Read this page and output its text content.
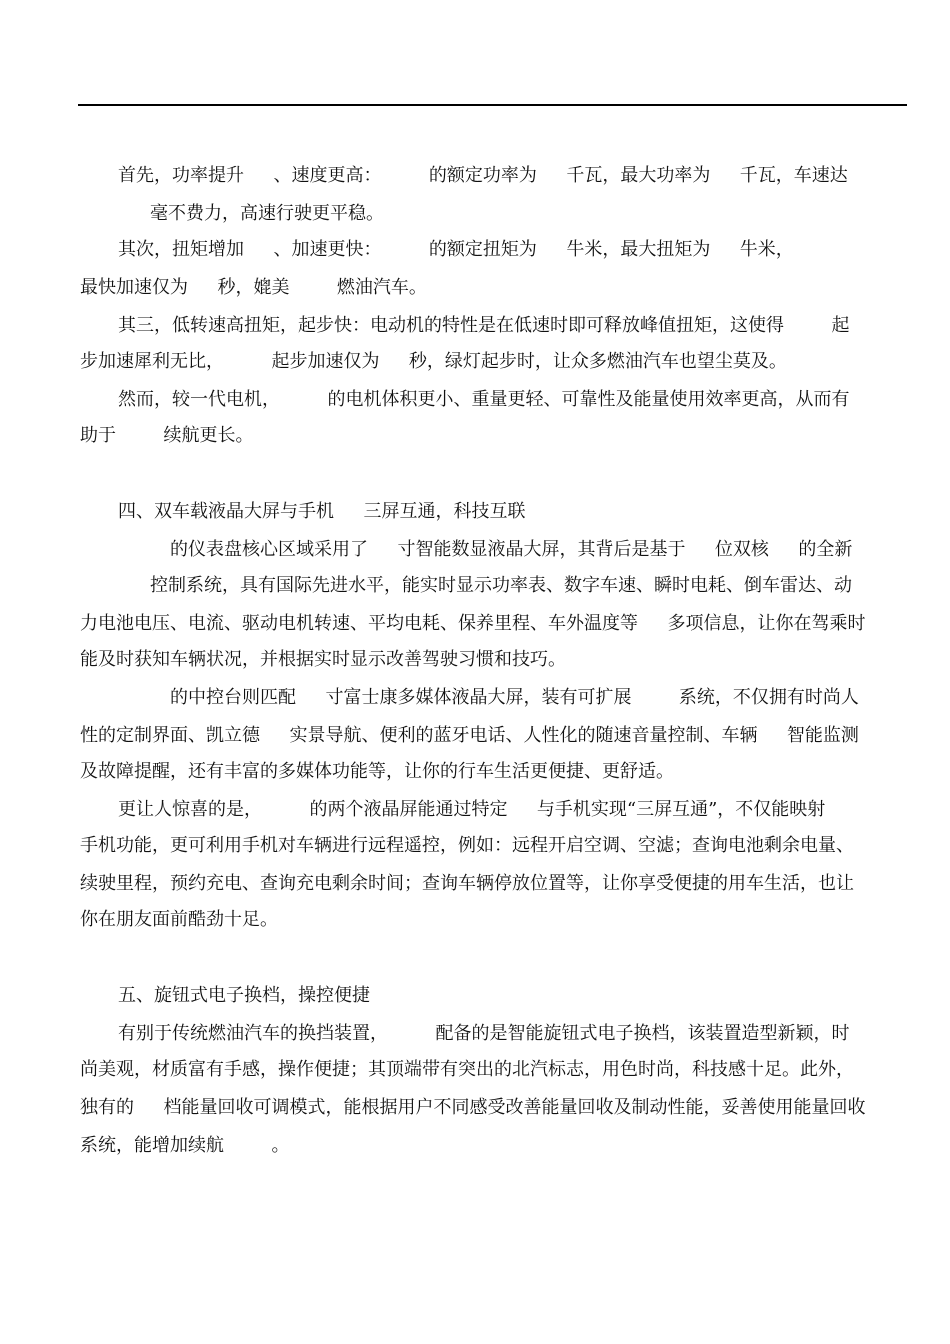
首先，功率提升 　 、速度更高： 　　 的额定功率为 　 千瓦，最大功率为 　 千瓦，车速达
毫不费力，高速行驶更平稳。
其次，扭矩增加 　 、加速更快： 　　 的额定扭矩为 　 牛米，最大扭矩为 　 牛米，
最快加速仅为 　 秒，媲美 　　 燃油汽车。
其三，低转速高扭矩，起步快：电动机的特性是在低速时即可释放峰值扭矩，这使得 　　 起
步加速犀利无比， 　　 起步加速仅为 　 秒，绿灯起步时，让众多燃油汽车也望尘莫及。
然而，较一代电机， 　　 的电机体积更小、重量更轻、可靠性及能量使用效率更高，从而有
助于 　　 续航更长。
四、双车载液晶大屏与手机 　 三屏互通，科技互联
的仪表盘核心区域采用了 　 寸智能数显液晶大屏，其背后是基于 　 位双核 　 的全新
控制系统，具有国际先进水平，能实时显示功率表、数字车速、瞬时电耗、倒车雷达、动
力电池电压、电流、驱动电机转速、平均电耗、保养里程、车外温度等 　 多项信息，让你在驾乘时
能及时获知车辆状况，并根据实时显示改善驾驶习惯和技巧。
的中控台则匹配 　 寸富士康多媒体液晶大屏，装有可扩展 　　 系统，不仅拥有时尚人
性的定制界面、凯立德 　 实景导航、便利的蓝牙电话、人性化的随速音量控制、车辆 　 智能监测
及故障提醒，还有丰富的多媒体功能等，让你的行车生活更便捷、更舒适。
更让人惊喜的是， 　　 的两个液晶屏能通过特定 　 与手机实现“三屏互通”，不仅能映射
手机功能，更可利用手机对车辆进行远程遥控，例如：远程开启空调、空滤；查询电池剩余电量、
续驶里程，预约充电、查询充电剩余时间；查询车辆停放位置等，让你享受便捷的用车生活，也让
你在朋友面前酷劲十足。
五、旋钮式电子换档，操控便捷
有别于传统燃油汽车的换挡装置， 　　 配备的是智能旋钮式电子换档，该装置造型新颖，时
尚美观，材质富有手感，操作便捷；其顶端带有突出的北汽标志，用色时尚，科技感十足。此外，
独有的 　 档能量回收可调模式，能根据用户不同感受改善能量回收及制动性能，妥善使用能量回收
系统，能增加续航 　　 。
